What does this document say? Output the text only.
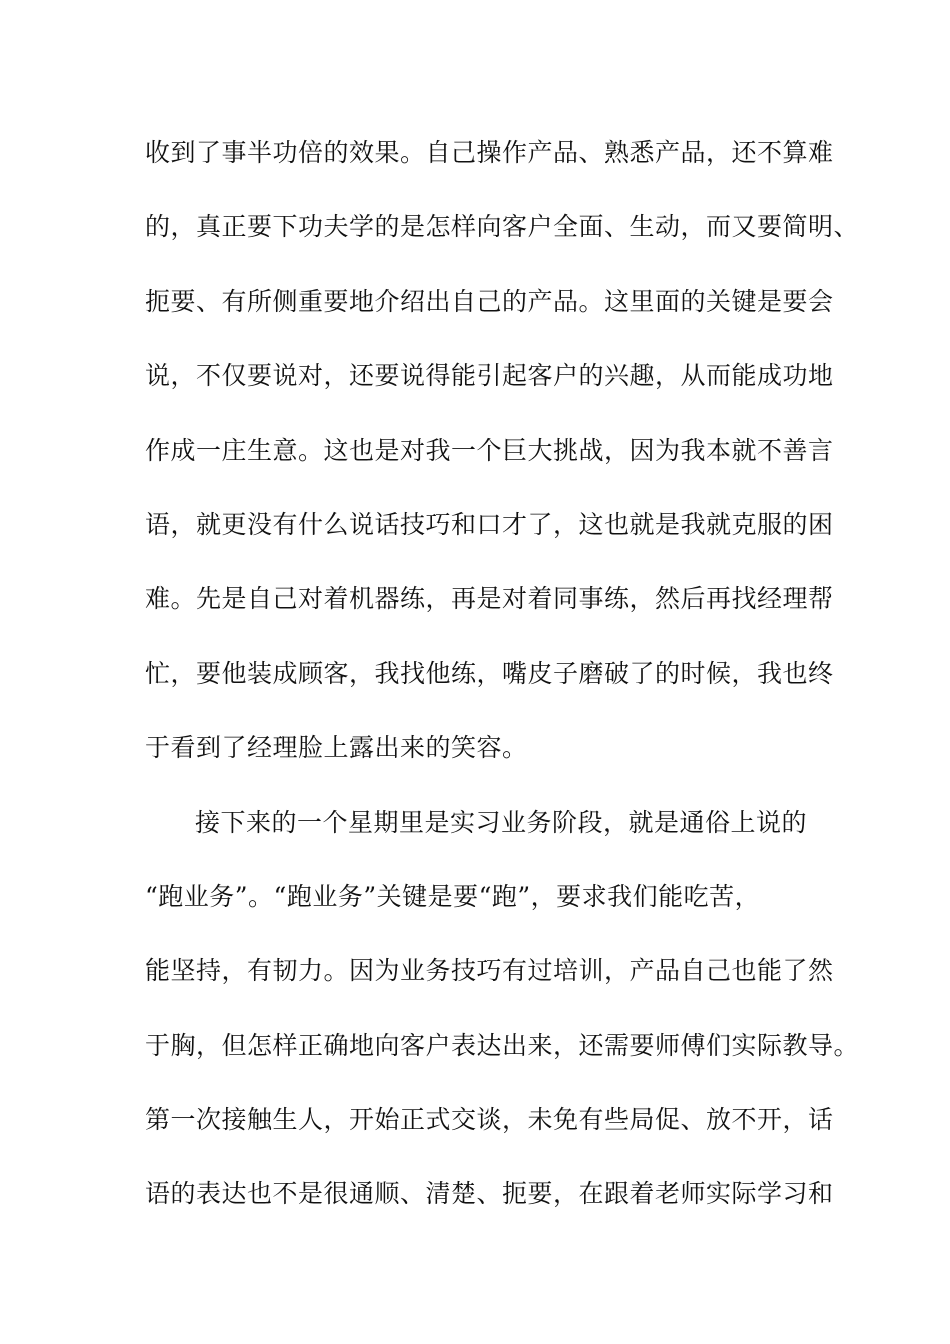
收到了事半功倍的效果。自己操作产品、熟悉产品，还不算难
的，真正要下功夫学的是怎样向客户全面、生动，而又要简明、
扼要、有所侧重要地介绍出自己的产品。这里面的关键是要会
说，不仅要说对，还要说得能引起客户的兴趣，从而能成功地
作成一庄生意。这也是对我一个巨大挑战，因为我本就不善言
语，就更没有什么说话技巧和口才了，这也就是我就克服的困
难。先是自己对着机器练，再是对着同事练，然后再找经理帮
忙，要他装成顾客，我找他练，嘴皮子磨破了的时候，我也终
于看到了经理脸上露出来的笑容。
接下来的一个星期里是实习业务阶段，就是通俗上说的
“跑业务”。“跑业务”关键是要“跑”，要求我们能吃苦，
能坚持，有韧力。因为业务技巧有过培训，产品自己也能了然
于胸，但怎样正确地向客户表达出来，还需要师傅们实际教导。
第一次接触生人，开始正式交谈，未免有些局促、放不开，话
语的表达也不是很通顺、清楚、扼要，在跟着老师实际学习和
